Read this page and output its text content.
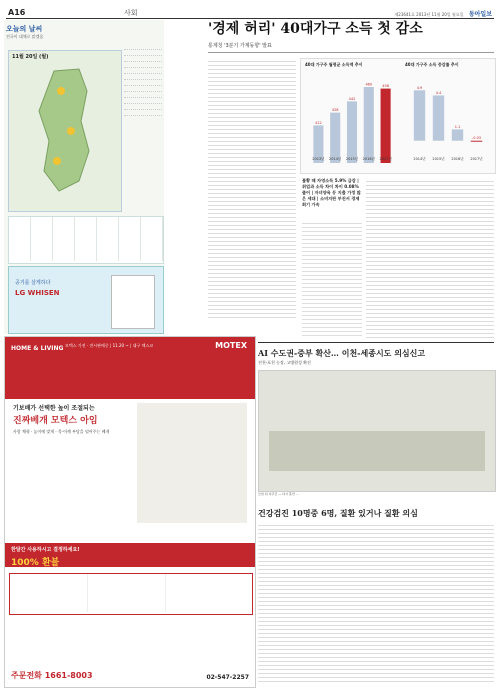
A16	사회	제23641호 2013년 11월 20일 월요일 동아일보
오늘의 날씨
전국이 대체로 맑겠음
11월 20일 (월)
공기를 살게하다
LG WHISEN
'경제 허리' 40대가구 소득 첫 감소
통계청 '3분기 가계동향' 발표
40대 가구주 월평균 소득액 추이	40대 가구주 소득 증감률 추이
2013년
412
2014년
428
2015년
442
2016년
460
2017년
458
2014년
4.9
2015년
4.4
2016년
1.1
2017년
-0.03
불황 때 자영소득 5.9% 급감 | 취업과 소득 차이 차이 0.08% 줄어 | 자녀양육 등 지출 가정 많은 세대 | 소비지판 부진서 경제회기 가속
AI 수도권-중부 확산… 이천-세종시도 의심신고
진천-포천 농장, 고병원성 확진
모일 뒤 이주간 — 다시 훈련 …
건강검진 10명중 6명, 질환 있거나 질환 의심
HOME & LIVING 모텍스 가전 · 전시판매중 | 11.20 ~ | 대구 엑스코	MOTEX
기보배가 선택한 높이 조절되는
진짜베개 모텍스 아임
사람 체형 · 높이에 맞게 · 목·어깨 부담을 덜어주는 베개
한달간 사용하시고 결정하세요!
100% 환불
주문전화 1661-8003	02-547-2257
